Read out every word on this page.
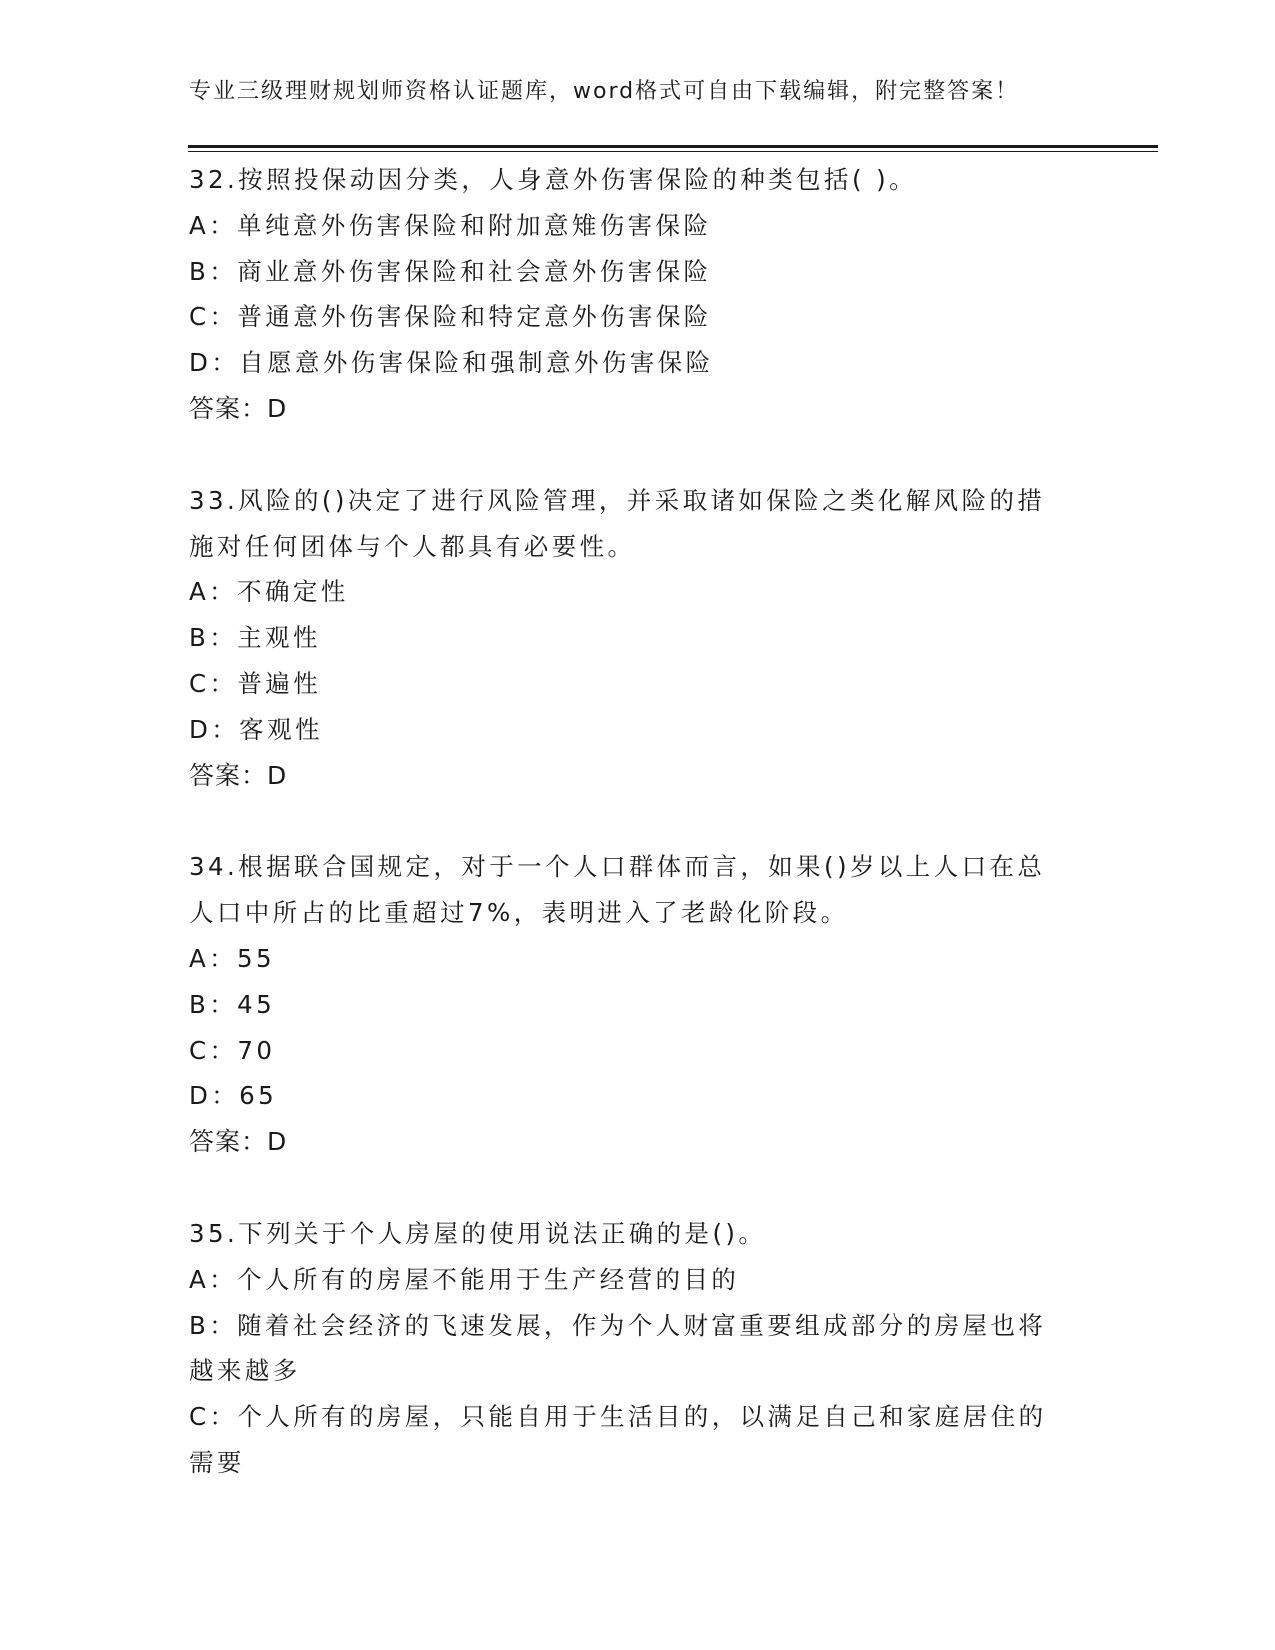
专业三级理财规划师资格认证题库，word格式可自由下载编辑，附完整答案！
32.按照投保动因分类，人身意外伤害保险的种类包括( )。
A：单纯意外伤害保险和附加意雉伤害保险
B：商业意外伤害保险和社会意外伤害保险
C：普通意外伤害保险和特定意外伤害保险
D：自愿意外伤害保险和强制意外伤害保险
答案：D
33.风险的()决定了进行风险管理，并采取诸如保险之类化解风险的措
施对任何团体与个人都具有必要性。
A：不确定性
B：主观性
C：普遍性
D：客观性
答案：D
34.根据联合国规定，对于一个人口群体而言，如果()岁以上人口在总
人口中所占的比重超过7%，表明进入了老龄化阶段。
A：55
B：45
C：70
D：65
答案：D
35.下列关于个人房屋的使用说法正确的是()。
A：个人所有的房屋不能用于生产经营的目的
B：随着社会经济的飞速发展，作为个人财富重要组成部分的房屋也将
越来越多
C：个人所有的房屋，只能自用于生活目的，以满足自己和家庭居住的
需要
